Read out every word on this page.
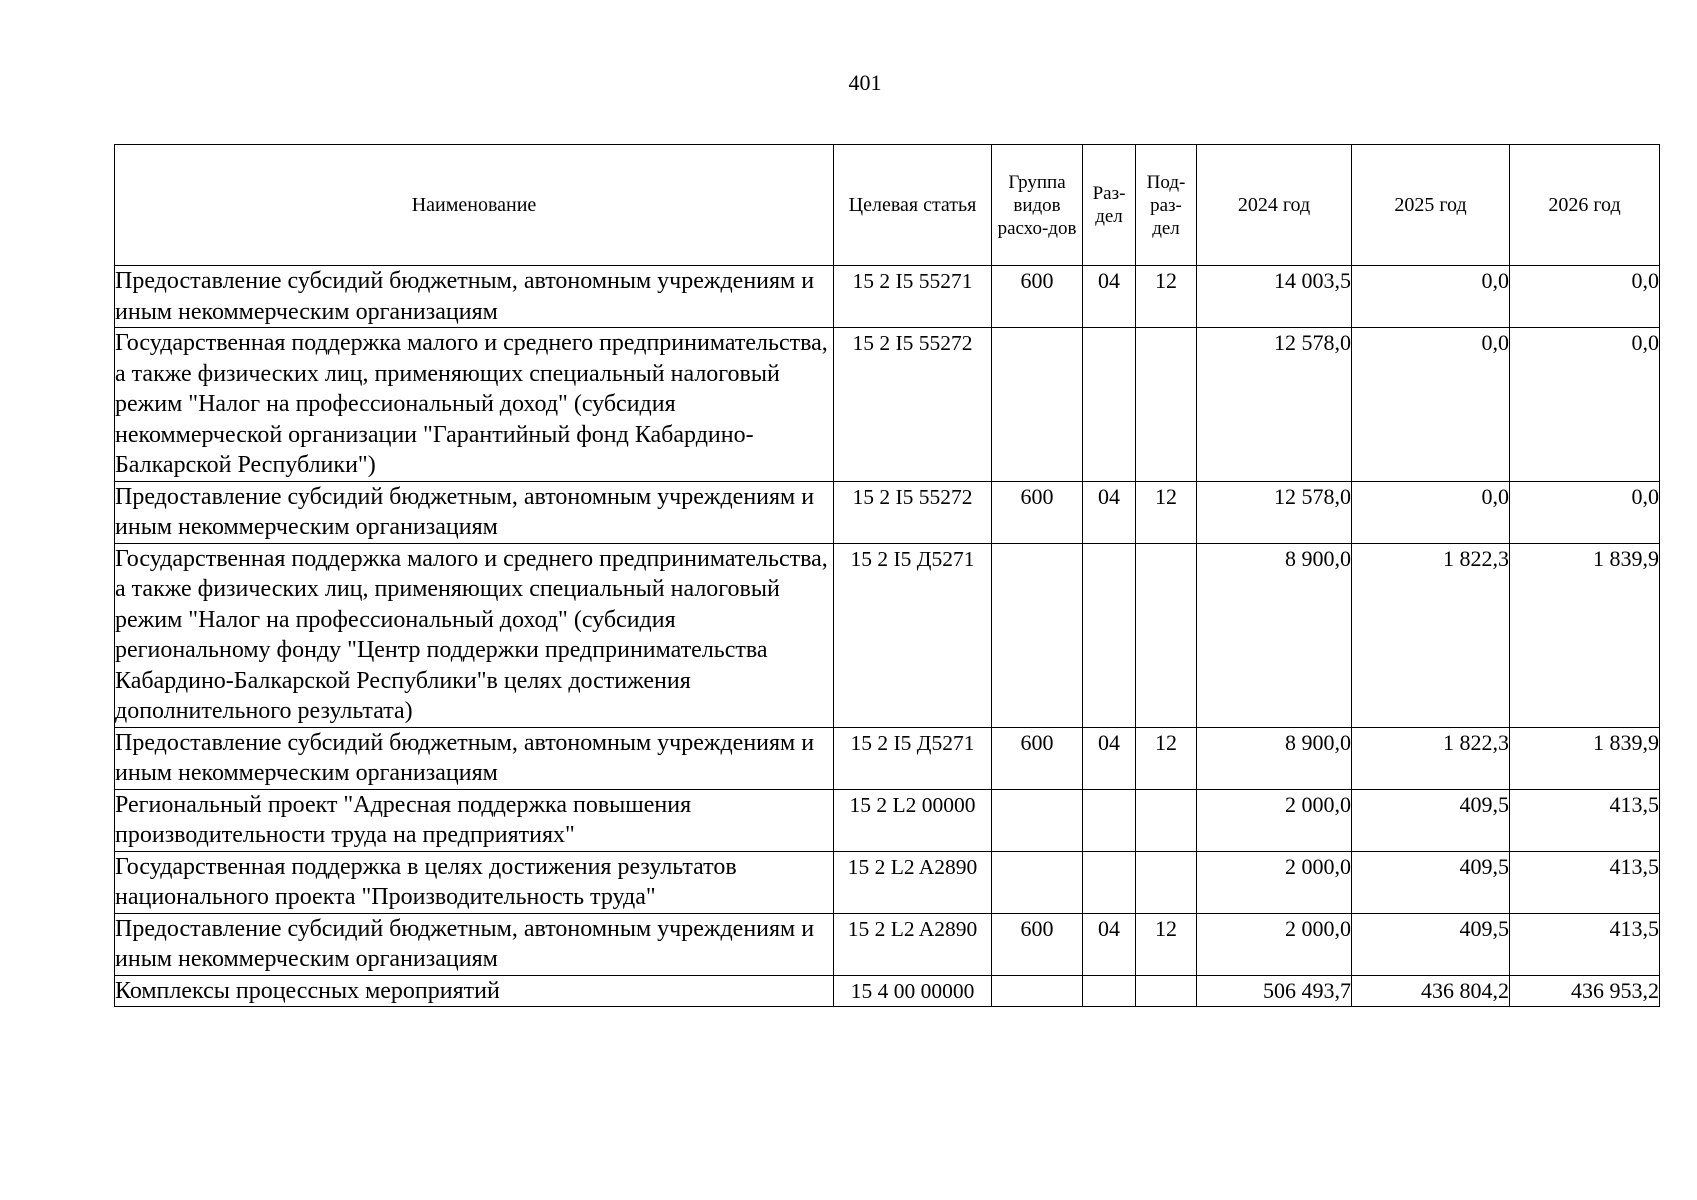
401
Наименование	Целевая статья	Группа видов расхо-дов	Раз-дел	Под-раз-дел	2024 год	2025 год	2026 год
Предоставление субсидий бюджетным, автономным учреждениям и иным некоммерческим организациям	15 2 I5 55271	600	04	12	14 003,5	0,0	0,0
Государственная поддержка малого и среднего предпринимательства, а также физических лиц, применяющих специальный налоговый режим "Налог на профессиональный доход" (субсидия некоммерческой организации "Гарантийный фонд Кабардино-Балкарской Республики")	15 2 I5 55272				12 578,0	0,0	0,0
Предоставление субсидий бюджетным, автономным учреждениям и иным некоммерческим организациям	15 2 I5 55272	600	04	12	12 578,0	0,0	0,0
Государственная поддержка малого и среднего предпринимательства, а также физических лиц, применяющих специальный налоговый режим "Налог на профессиональный доход" (субсидия региональному фонду "Центр поддержки предпринимательства Кабардино-Балкарской Республики"в целях достижения дополнительного результата)	15 2 I5 Д5271				8 900,0	1 822,3	1 839,9
Предоставление субсидий бюджетным, автономным учреждениям и иным некоммерческим организациям	15 2 I5 Д5271	600	04	12	8 900,0	1 822,3	1 839,9
Региональный проект "Адресная поддержка повышения производительности труда на предприятиях"	15 2 L2 00000				2 000,0	409,5	413,5
Государственная поддержка в целях достижения результатов национального проекта "Производительность труда"	15 2 L2 A2890				2 000,0	409,5	413,5
Предоставление субсидий бюджетным, автономным учреждениям и иным некоммерческим организациям	15 2 L2 A2890	600	04	12	2 000,0	409,5	413,5
Комплексы процессных мероприятий	15 4 00 00000				506 493,7	436 804,2	436 953,2
